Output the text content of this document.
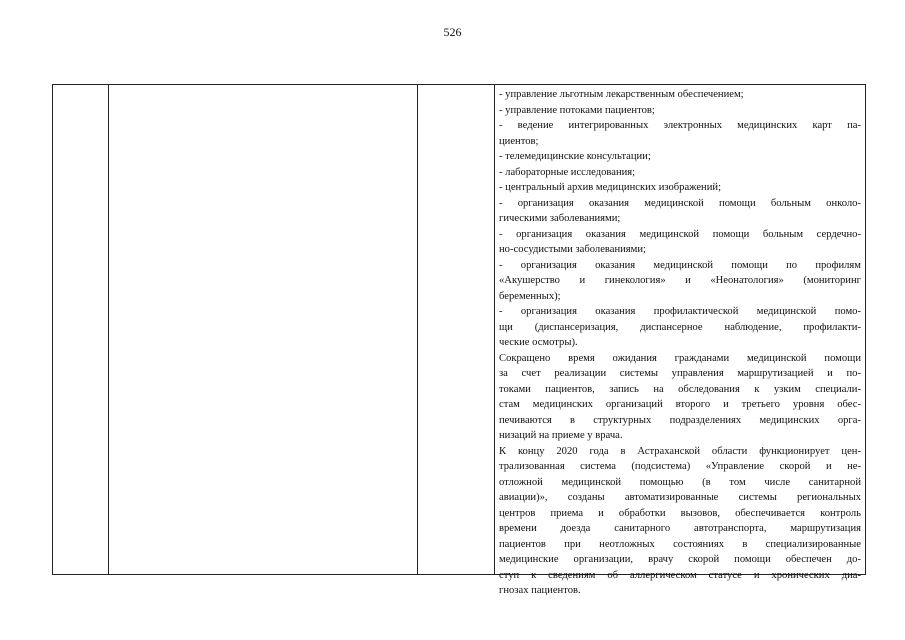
526
- управление льготным лекарственным обеспечением;
- управление потоками пациентов;
- ведение интегрированных электронных медицинских карт па-
циентов;
- телемедицинские консультации;
- лабораторные исследования;
- центральный архив медицинских изображений;
- организация оказания медицинской помощи больным онколо-
гическими заболеваниями;
- организация оказания медицинской помощи больным сердечно-
но-сосудистыми заболеваниями;
- организация оказания медицинской помощи по профилям
«Акушерство и гинекология» и «Неонатология» (мониторинг
беременных);
- организация оказания профилактической медицинской помо-
щи (диспансеризация, диспансерное наблюдение, профилакти-
ческие осмотры).
Сокращено время ожидания гражданами медицинской помощи
за счет реализации системы управления маршрутизацией и по-
токами пациентов, запись на обследования к узким специали-
стам медицинских организаций второго и третьего уровня обес-
печиваются в структурных подразделениях медицинских орга-
низаций на приеме у врача.
К концу 2020 года в Астраханской области функционирует цен-
трализованная система (подсистема) «Управление скорой и не-
отложной медицинской помощью (в том числе санитарной
авиации)», созданы автоматизированные системы региональных
центров приема и обработки вызовов, обеспечивается контроль
времени доезда санитарного автотранспорта, маршрутизация
пациентов при неотложных состояниях в специализированные
медицинские организации, врачу скорой помощи обеспечен до-
ступ к сведениям об аллергическом статусе и хронических диа-
гнозах пациентов.
